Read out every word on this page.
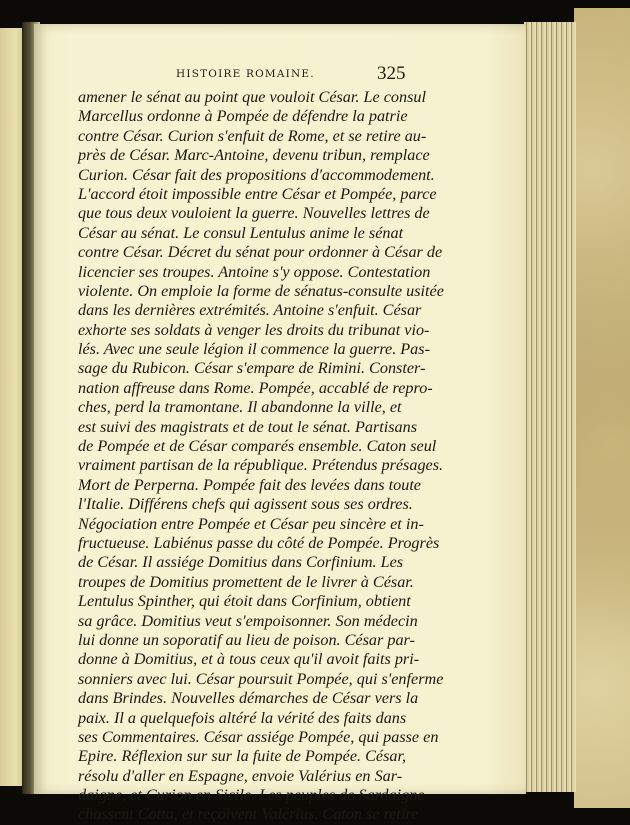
HISTOIRE ROMAINE.	325
amener le sénat au point que vouloit César. Le consul
Marcellus ordonne à Pompée de défendre la patrie
contre César. Curion s'enfuit de Rome, et se retire au-
près de César. Marc-Antoine, devenu tribun, remplace
Curion. César fait des propositions d'accommodement.
L'accord étoit impossible entre César et Pompée, parce
que tous deux vouloient la guerre. Nouvelles lettres de
César au sénat. Le consul Lentulus anime le sénat
contre César. Décret du sénat pour ordonner à César de
licencier ses troupes. Antoine s'y oppose. Contestation
violente. On emploie la forme de sénatus-consulte usitée
dans les dernières extrémités. Antoine s'enfuit. César
exhorte ses soldats à venger les droits du tribunat vio-
lés. Avec une seule légion il commence la guerre. Pas-
sage du Rubicon. César s'empare de Rimini. Conster-
nation affreuse dans Rome. Pompée, accablé de repro-
ches, perd la tramontane. Il abandonne la ville, et
est suivi des magistrats et de tout le sénat. Partisans
de Pompée et de César comparés ensemble. Caton seul
vraiment partisan de la république. Prétendus présages.
Mort de Perperna. Pompée fait des levées dans toute
l'Italie. Différens chefs qui agissent sous ses ordres.
Négociation entre Pompée et César peu sincère et in-
fructueuse. Labiénus passe du côté de Pompée. Progrès
de César. Il assiége Domitius dans Corfinium. Les
troupes de Domitius promettent de le livrer à César.
Lentulus Spinther, qui étoit dans Corfinium, obtient
sa grâce. Domitius veut s'empoisonner. Son médecin
lui donne un soporatif au lieu de poison. César par-
donne à Domitius, et à tous ceux qu'il avoit faits pri-
sonniers avec lui. César poursuit Pompée, qui s'enferme
dans Brindes. Nouvelles démarches de César vers la
paix. Il a quelquefois altéré la vérité des faits dans
ses Commentaires. César assiége Pompée, qui passe en
Epire. Réflexion sur sur la fuite de Pompée. César,
résolu d'aller en Espagne, envoie Valérius en Sar-
daigne, et Curion en Sicile. Les peuples de Sardaigne
chassent Cotta, et reçoivent Valérius. Caton se retire
